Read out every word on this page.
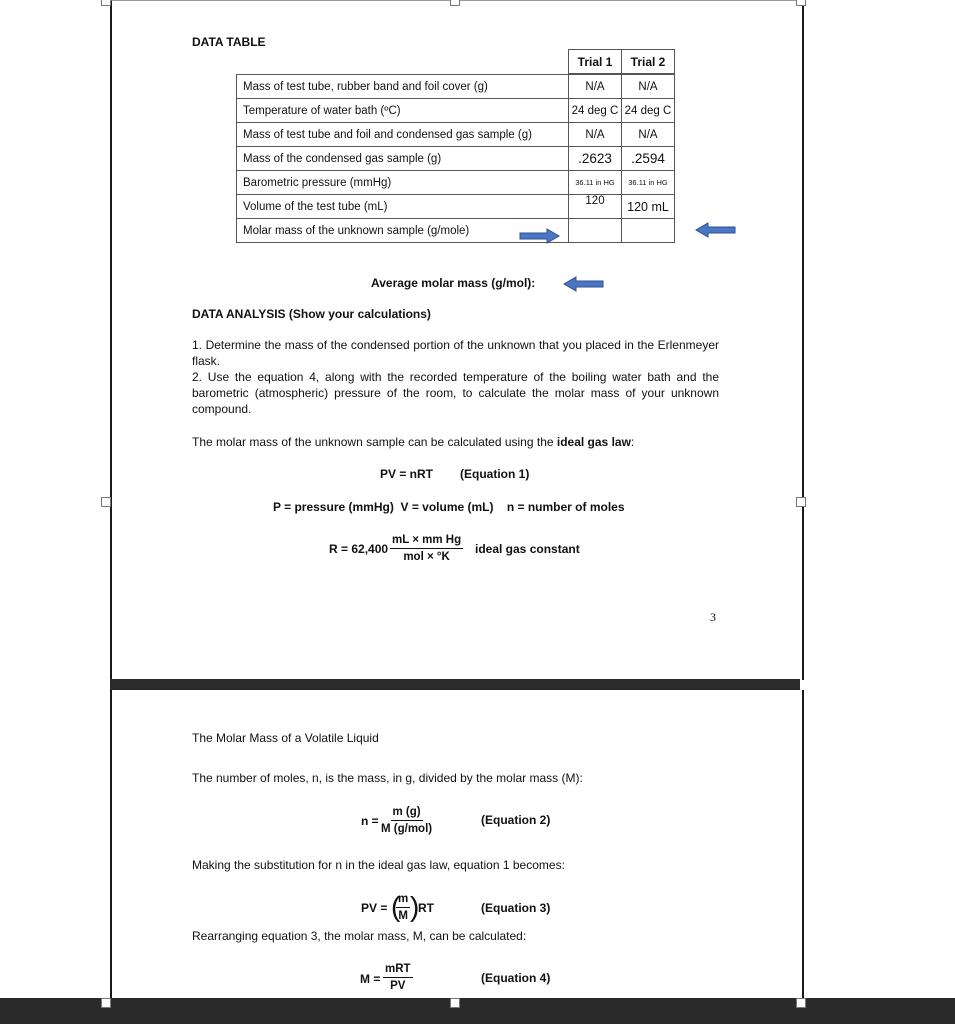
DATA TABLE
Trial 1	Trial 2
Mass of test tube, rubber band and foil cover (g)	N/A	N/A
Temperature of water bath (ºC)	24 deg C	24 deg C
Mass of test tube and foil and condensed gas sample (g)	N/A	N/A
Mass of the condensed gas sample (g)	.2623	.2594
Barometric pressure (mmHg)	36.11 in HG	36.11 in HG
Volume of the test tube (mL)	120	120 mL
Molar mass of the unknown sample (g/mole)		
Average molar mass (g/mol):
DATA ANALYSIS (Show your calculations)
1. Determine the mass of the condensed portion of the unknown that you placed in the Erlenmeyer flask.
2. Use the equation 4, along with the recorded temperature of the boiling water bath and the barometric (atmospheric) pressure of the room, to calculate the molar mass of your unknown compound.
The molar mass of the unknown sample can be calculated using the ideal gas law:
PV = nRT (Equation 1)
P = pressure (mmHg)  V = volume (mL)    n = number of moles
R = 62,400
mL × mm Hg
mol × °K
ideal gas constant
3
The Molar Mass of a Volatile Liquid
The number of moles, n, is the mass, in g, divided by the molar mass (M):
n =
m (g)
M (g/mol)
(Equation 2)
Making the substitution for n in the ideal gas law, equation 1 becomes:
PV = (
$\frac{m}{M}$ )
RT	(Equation 3)
Rearranging equation 3, the molar mass, M, can be calculated:
M =
mRT
PV
(Equation 4)
